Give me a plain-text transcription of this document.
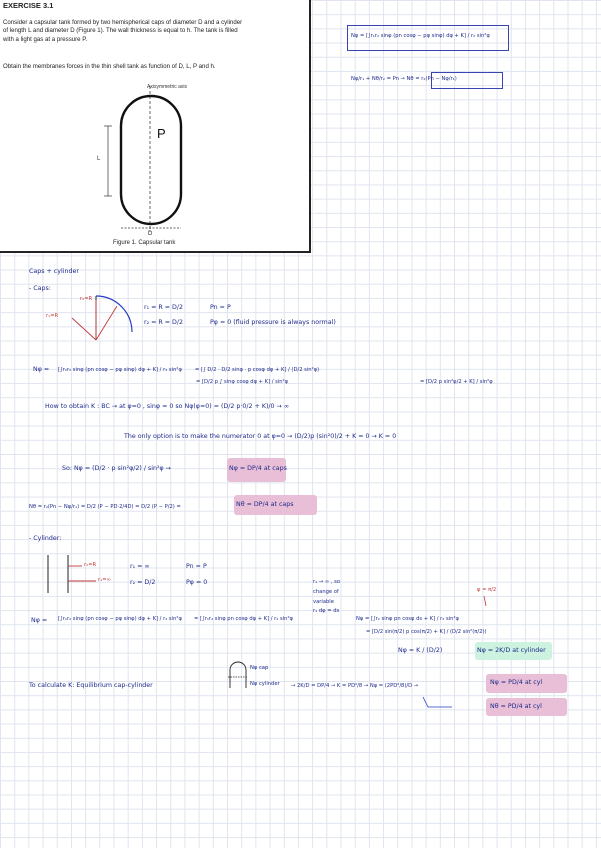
EXERCISE 3.1
Consider a capsular tank formed by two hemispherical caps of diameter D and a cylinder
of length L and diameter D (Figure 1). The wall thickness is equal to h. The tank is filled
with a light gas at a pressure P.
Obtain the membranes forces in the thin shell tank as function of D, L, P and h.
Axisymmetric axis
P
L
D
Figure 1. Capsular tank
Nφ = [∫r₁r₂ sinφ (pn cosφ − pφ sinφ) dφ + K] / r₂ sin²φ
Nφ/r₁ + Nθ/r₂ = Pn → Nθ = r₂(Pn − Nφ/r₁)
Caps + cylinder
- Caps:
r₂=R
r₁=R
r₁ = R = D/2
r₂ = R = D/2
Pn = P
Pφ = 0 (fluid pressure is always normal)
Nφ = [∫r₁r₂ sinφ (pn cosφ − pφ sinφ) dφ + K] / r₂ sin²φ	= [∫ D/2 · D/2 sinφ · p cosφ dφ + K] / (D/2 sin²φ)
= [D/2 p ∫ sinφ cosφ dφ + K] / sin²φ	= [D/2 p sin²φ/2 + K] / sin²φ
How to obtain K : BC → at φ=0 , sinφ = 0 so Nφ(φ=0) = (D/2 p·0/2 + K)/0 → ∞
The only option is to make the numerator 0 at φ=0 → (D/2)p (sin²0)/2 + K = 0 → K = 0
So: Nφ = (D/2 · p sin²φ/2) / sin²φ →	Nφ = DP/4 at caps
Nθ = r₂(Pn − Nφ/r₁) = D/2 (P − PD·2/4D) = D/2 (P − P/2) =	Nθ = DP/4 at caps
- Cylinder:
r₂=R
r₁=∞
r₁ = ∞
r₂ = D/2
Pn = P
Pφ = 0	r₁ → ∞ , so
change of
variable
r₁ dφ = ds
φ = π/2
Nφ = [∫r₁r₂ sinφ (pn cosφ − pφ sinφ) dφ + K] / r₂ sin²φ = [∫r₁r₂ sinφ pn cosφ dφ + K] / r₂ sin²φ	Nφ = [∫r₂ sinφ pn cosφ ds + K] / r₂ sin²φ
= [D/2 sin(π/2) p cos(π/2) + K] / (D/2 sin²(π/2))
Nφ = K / (D/2)	Nφ = 2K/D at cylinder
To calculate K: Equilibrium cap-cylinder
Nφ cap
Nφ cylinder → 2K/D = DP/4 → K = PD²/8 → Nφ = (2PD²/8)/D →	Nφ = PD/4 at cyl
Nθ = PD/4 at cyl
